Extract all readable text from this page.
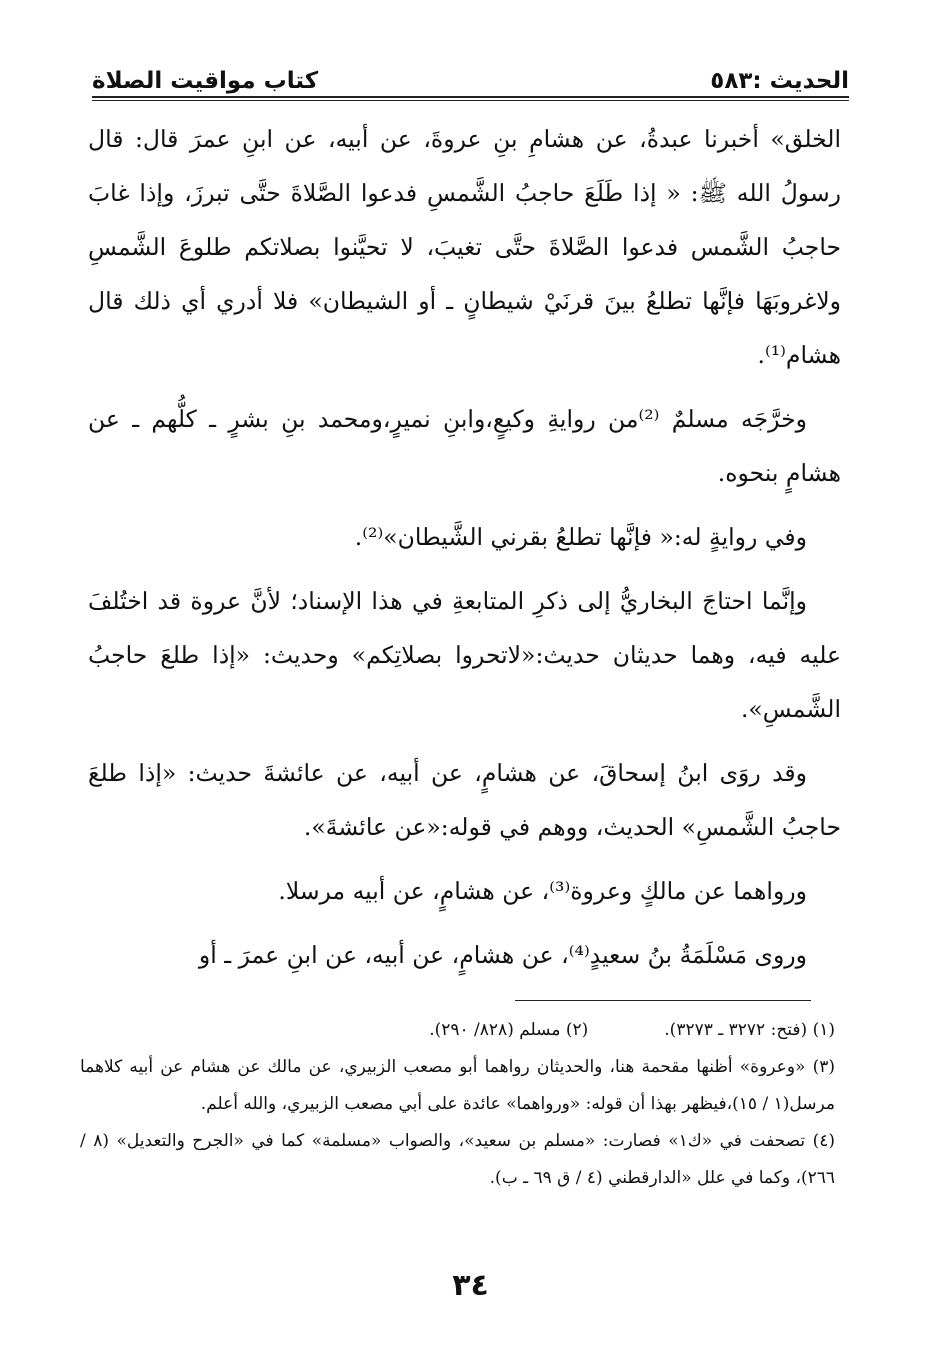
الحديث :٥٨٣
كتاب مواقيت الصلاة

الخلق» أخبرنا عبدةُ، عن هشامِ بنِ عروةَ، عن أبيه، عن ابنِ عمرَ قال: قال رسولُ الله ﷺ: « إذا طَلَعَ حاجبُ الشَّمسِ فدعوا الصَّلاةَ حتَّى تبرزَ، وإذا غابَ حاجبُ الشَّمس فدعوا الصَّلاةَ حتَّى تغيبَ، لا تحيَّنوا بصلاتكم طلوعَ الشَّمسِ ولاغروبَهَا فإنَّها تطلعُ بينَ قرنَيْ شيطانٍ ـ أو الشيطان» فلا أدري أي ذلك قال هشام⁽¹⁾.

وخرَّجَه مسلمٌ ⁽²⁾من روايةِ وكيعٍ،وابنِ نميرٍ،ومحمد بنِ بشرٍ ـ كلُّهم ـ عن هشامٍ بنحوه.

وفي روايةٍ له:« فإنَّها تطلعُ بقرني الشَّيطان»⁽²⁾.

وإنَّما احتاجَ البخاريُّ إلى ذكرِ المتابعةِ في هذا الإسناد؛ لأنَّ عروة قد اختُلفَ عليه فيه، وهما حديثان حديث:«لاتحروا بصلاتِكم» وحديث: «إذا طلعَ حاجبُ الشَّمسِ».

وقد روَى ابنُ إسحاقَ، عن هشامٍ، عن أبيه، عن عائشةَ حديث: «إذا طلعَ حاجبُ الشَّمسِ» الحديث، ووهم في قوله:«عن عائشةَ».

ورواهما عن مالكٍ وعروة⁽³⁾، عن هشامٍ، عن أبيه مرسلا.

وروى مَسْلَمَةُ بنُ سعيدٍ⁽⁴⁾، عن هشامٍ، عن أبيه، عن ابنِ عمرَ ـ أو

(١) (فتح: ٣٢٧٢ ـ ٣٢٧٣).
(٢) مسلم (٨٢٨/ ٢٩٠).

(٣) «وعروة» أظنها مقحمة هنا، والحديثان رواهما أبو مصعب الزبيري، عن مالك عن هشام عن أبيه كلاهما مرسل(١ / ١٥)،فيظهر بهذا أن قوله: «ورواهما» عائدة على أبي مصعب الزبيري، والله أعلم.

(٤) تصحفت في «ك١» فصارت: «مسلم بن سعيد»، والصواب «مسلمة» كما في «الجرح والتعديل» (٨ /٢٦٦)، وكما في علل «الدارقطني (٤ / ق ٦٩ ـ ب).

٣٤
